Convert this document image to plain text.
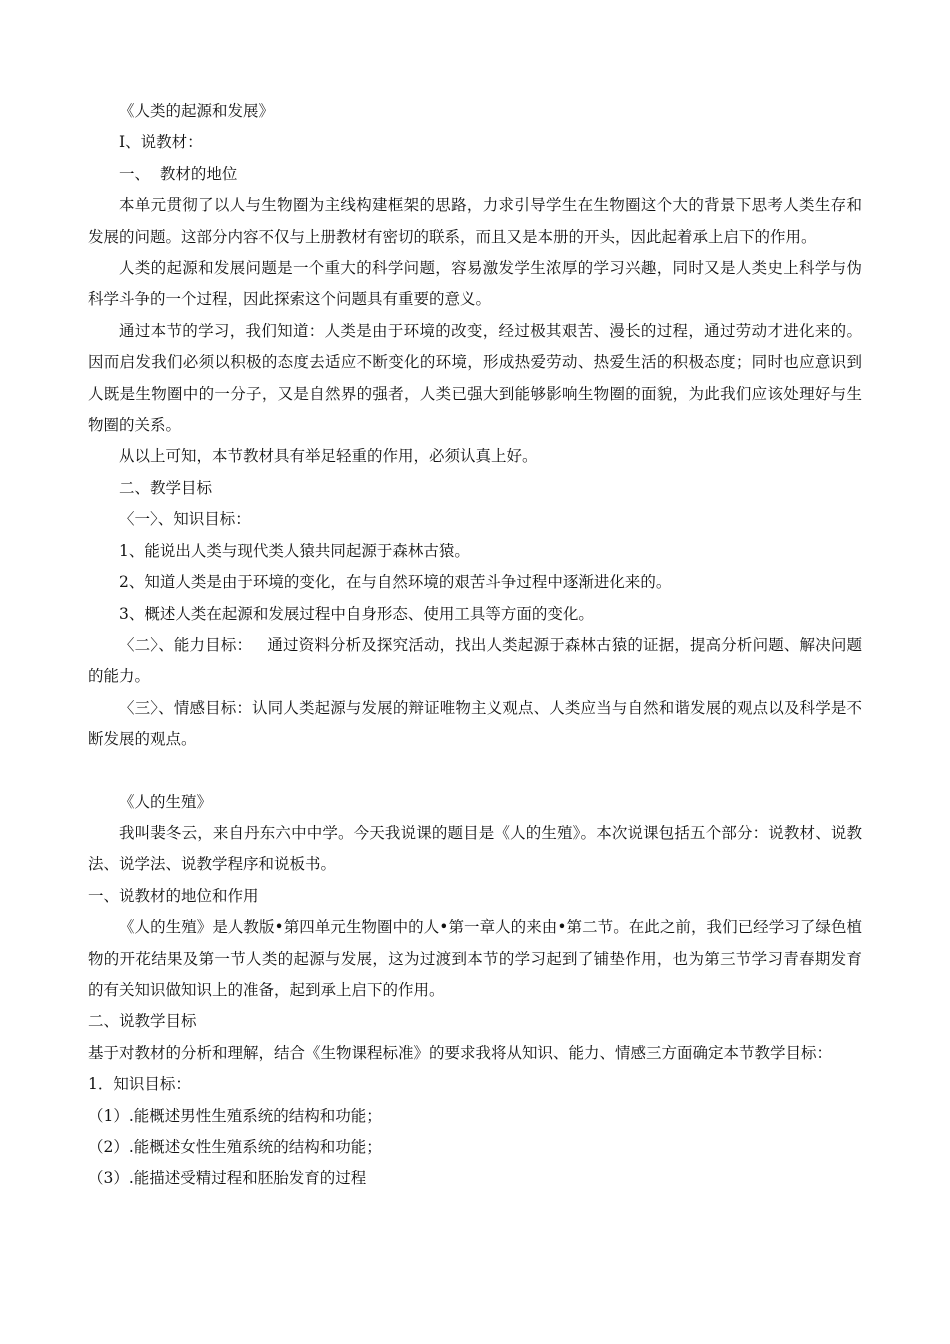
《人类的起源和发展》

Ⅰ、说教材：

一、  教材的地位

本单元贯彻了以人与生物圈为主线构建框架的思路，力求引导学生在生物圈这个大的背景下思考人类生存和发展的问题。这部分内容不仅与上册教材有密切的联系，而且又是本册的开头，因此起着承上启下的作用。

人类的起源和发展问题是一个重大的科学问题，容易激发学生浓厚的学习兴趣，同时又是人类史上科学与伪科学斗争的一个过程，因此探索这个问题具有重要的意义。

通过本节的学习，我们知道：人类是由于环境的改变，经过极其艰苦、漫长的过程，通过劳动才进化来的。因而启发我们必须以积极的态度去适应不断变化的环境，形成热爱劳动、热爱生活的积极态度；同时也应意识到人既是生物圈中的一分子，又是自然界的强者，人类已强大到能够影响生物圈的面貌，为此我们应该处理好与生物圈的关系。

从以上可知，本节教材具有举足轻重的作用，必须认真上好。

二、教学目标

〈一〉、知识目标：

1、能说出人类与现代类人猿共同起源于森林古猿。

2、知道人类是由于环境的变化，在与自然环境的艰苦斗争过程中逐渐进化来的。

3、概述人类在起源和发展过程中自身形态、使用工具等方面的变化。

〈二〉、能力目标：   通过资料分析及探究活动，找出人类起源于森林古猿的证据，提高分析问题、解决问题的能力。

〈三〉、情感目标：认同人类起源与发展的辩证唯物主义观点、人类应当与自然和谐发展的观点以及科学是不断发展的观点。

《人的生殖》

我叫裴冬云，来自丹东六中中学。今天我说课的题目是《人的生殖》。本次说课包括五个部分：说教材、说教法、说学法、说教学程序和说板书。

一、说教材的地位和作用

《人的生殖》是人教版•第四单元生物圈中的人•第一章人的来由•第二节。在此之前，我们已经学习了绿色植物的开花结果及第一节人类的起源与发展，这为过渡到本节的学习起到了铺垫作用，也为第三节学习青春期发育的有关知识做知识上的准备，起到承上启下的作用。

二、说教学目标

基于对教材的分析和理解，结合《生物课程标准》的要求我将从知识、能力、情感三方面确定本节教学目标：

1．知识目标：

（1）.能概述男性生殖系统的结构和功能；

（2）.能概述女性生殖系统的结构和功能；

（3）.能描述受精过程和胚胎发育的过程
